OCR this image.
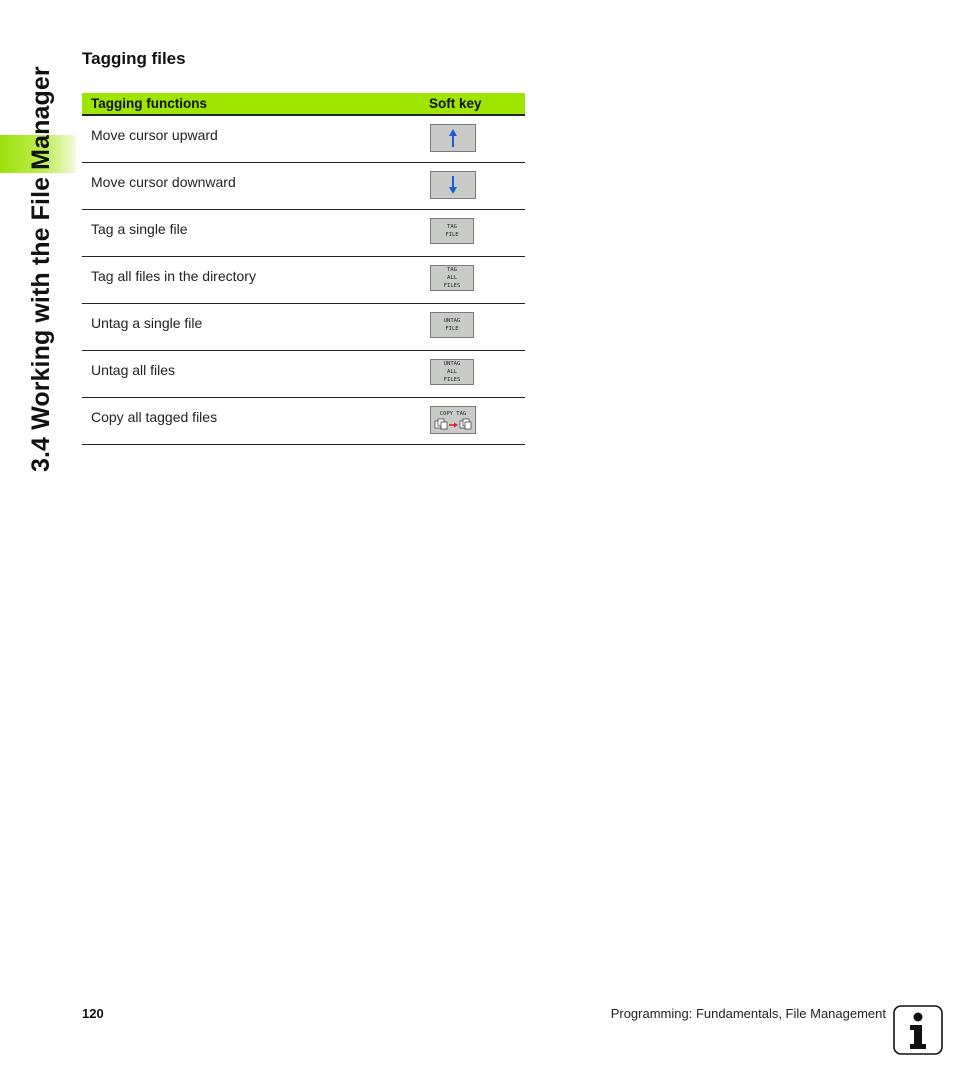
3.4 Working with the File Manager
Tagging files
Tagging functions	Soft key
Move cursor upward	

Move cursor downward	

Tag a single file	TAG
FILE

Tag all files in the directory	TAG
ALL
FILES

Untag a single file	UNTAG
FILE

Untag all files	UNTAG
ALL
FILES

Copy all tagged files	COPY TAG
120	Programming: Fundamentals, File Management
